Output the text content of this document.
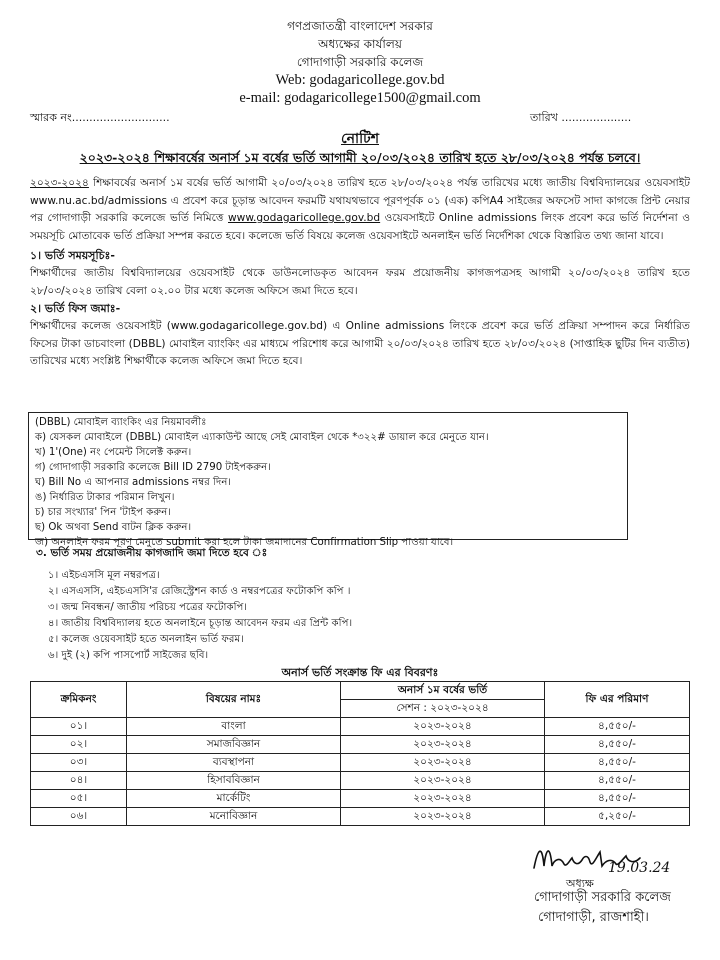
গণপ্রজাতন্ত্রী বাংলাদেশ সরকার
অধ্যক্ষের কার্যালয়
গোদাগাড়ী সরকারি কলেজ
Web: godagaricollege.gov.bd
e-mail: godagaricollege1500@gmail.com
স্মারক নং............................	তারিখ ....................
নোটিশ
২০২৩-২০২৪ শিক্ষাবর্ষের অনার্স ১ম বর্ষের ভর্তি আগামী ২০/০৩/২০২৪ তারিখ হতে ২৮/০৩/২০২৪ পর্যন্ত চলবে।
২০২৩-২০২৪ শিক্ষাবর্ষের অনার্স ১ম বর্ষের ভর্তি আগামী ২০/০৩/২০২৪ তারিখ হতে ২৮/০৩/২০২৪ পর্যন্ত তারিখের মধ্যে জাতীয় বিশ্ববিদ্যালয়ের ওয়েবসাইট www.nu.ac.bd/admissions এ প্রবেশ করে চূড়ান্ত আবেদন ফরমটি যথাযথভাবে পূরণপূর্বক ০১ (এক) কপিA4 সাইজের অফসেট সাদা কাগজে প্রিন্ট নেয়ার পর গোদাগাড়ী সরকারি কলেজে ভর্তি নিমিত্তে www.godagaricollege.gov.bd ওয়েবসাইটে Online admissions লিংক প্রবেশ করে ভর্তি নির্দেশনা ও সময়সূচি মোতাবেক ভর্তি প্রক্রিয়া সম্পন্ন করতে হবে। কলেজে ভর্তি বিষয়ে কলেজ ওয়েবসাইটে অনলাইন ভর্তি নির্দেশিকা থেকে বিস্তারিত তথ্য জানা যাবে।
১। ভর্তি সময়সূচিঃ-
শিক্ষার্থীদের জাতীয় বিশ্ববিদ্যালয়ের ওয়েবসাইট থেকে ডাউনলোডকৃত আবেদন ফরম প্রয়োজনীয় কাগজপত্রসহ আগামী ২০/০৩/২০২৪ তারিখ হতে ২৮/০৩/২০২৪ তারিখ বেলা ০২.০০ টার মধ্যে কলেজ অফিসে জমা দিতে হবে।
২। ভর্তি ফিস জমাঃ-
শিক্ষার্থীদের কলেজ ওয়েবসাইট (www.godagaricollege.gov.bd) এ Online admissions লিংকে প্রবেশ করে ভর্তি প্রক্রিয়া সম্পাদন করে নির্ধারিত ফিসের টাকা ডাচবাংলা (DBBL) মোবাইল ব্যাংকিং এর মাধ্যমে পরিশোধ করে আগামী ২০/০৩/২০২৪ তারিখ হতে ২৮/০৩/২০২৪ (সাপ্তাহিক ছুটির দিন ব্যতীত) তারিখের মধ্যে সংশ্লিষ্ট শিক্ষার্থীকে কলেজ অফিসে জমা দিতে হবে।
(DBBL) মোবাইল ব্যাংকিং এর নিয়মাবলীঃ
ক) যেসকল মোবাইলে (DBBL) মোবাইল এ্যাকাউন্ট আছে সেই মোবাইল থেকে *৩২২# ডায়াল করে মেনুতে যান।
খ) 1'(One) নং পেমেন্ট সিলেক্ট করুন।
গ) গোদাগাড়ী সরকারি কলেজে Bill ID 2790 টাইপকরুন।
ঘ) Bill No এ আপনার admissions নম্বর দিন।
ঙ) নির্ধারিত টাকার পরিমান লিখুন।
চ) চার সংখ্যার' পিন 'টাইপ করুন।
ছ) Ok অথবা Send বাটন ক্লিক করুন।
জ) অনলাইন ফরম পূরণ মেনুতে submit করা হলে টাকা জমাদানের Confirmation Slip পাওয়া যাবে।
৩. ভর্তি সময় প্রয়োজনীয় কাগজাদি জমা দিতে হবে ঃ
১। এইচএসসি মূল নম্বরপত্র।
২। এসএসসি, এইচএসসি'র রেজিস্ট্রেশন কার্ড ও নম্বরপত্রের ফটোকপি কপি ।
৩। জন্ম নিবন্ধন/ জাতীয় পরিচয় পত্রের ফটোকপি।
৪। জাতীয় বিশ্ববিদ্যালয় হতে অনলাইনে চূড়ান্ত আবেদন ফরম এর প্রিন্ট কপি।
৫। কলেজ ওয়েবসাইট হতে অনলাইন ভর্তি ফরম।
৬। দুই (২) কপি পাসপোর্ট সাইজের ছবি।
অনার্স ভর্তি সংক্রান্ত ফি এর বিবরণঃ
ক্রমিকনং	বিষয়ের নামঃ	অনার্স ১ম বর্ষের ভর্তি	ফি এর পরিমাণ
		সেশন : ২০২৩-২০২৪	
০১।	বাংলা	২০২৩-২০২৪	৪,৫৫০/-
০২।	সমাজবিজ্ঞান	২০২৩-২০২৪	৪,৫৫০/-
০৩।	ব্যবস্থাপনা	২০২৩-২০২৪	৪,৫৫০/-
০৪।	হিসাববিজ্ঞান	২০২৩-২০২৪	৪,৫৫০/-
০৫।	মার্কেটিং	২০২৩-২০২৪	৪,৫৫০/-
০৬।	মনোবিজ্ঞান	২০২৩-২০২৪	৫,২৫০/-
19.03.24
অধ্যক্ষ
গোদাগাড়ী সরকারি কলেজ
গোদাগাড়ী, রাজশাহী।
